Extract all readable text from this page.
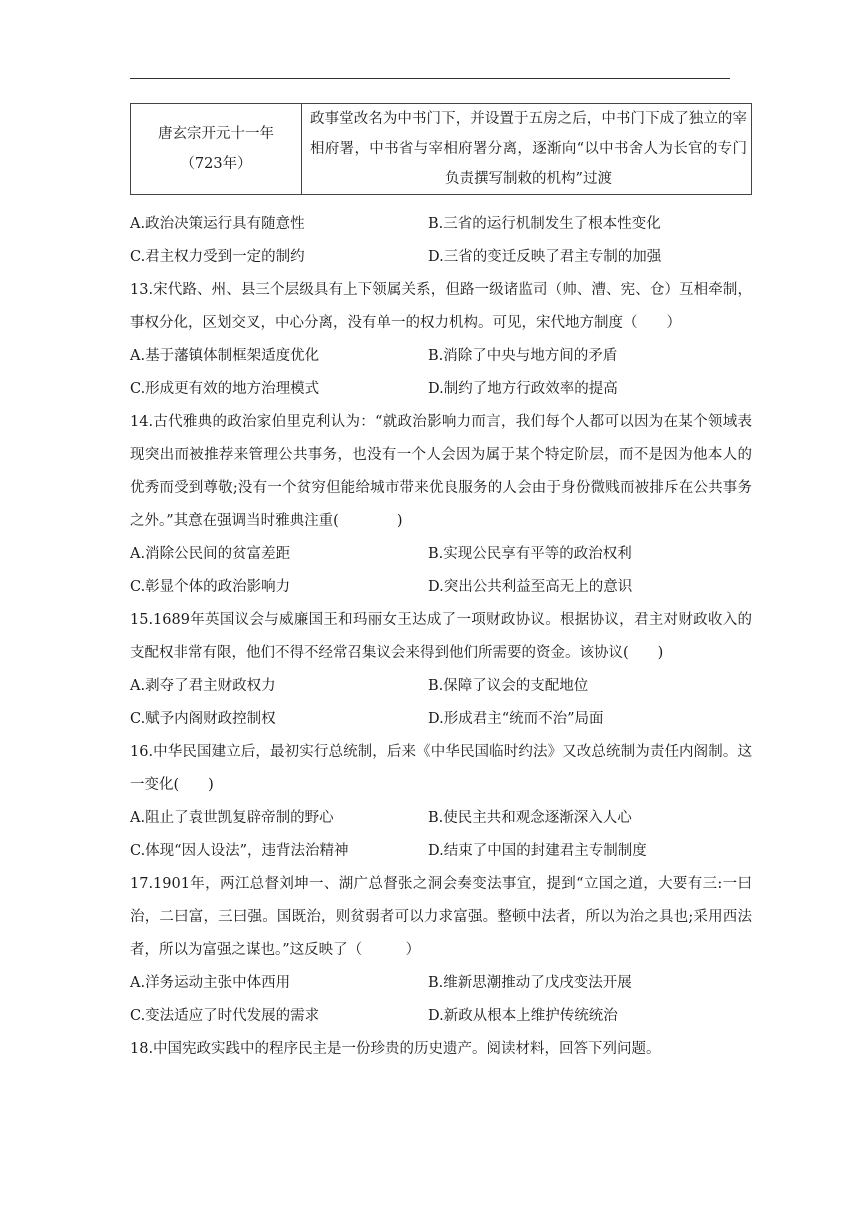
唐玄宗开元十一年（723年）	政事堂改名为中书门下，并设置于五房之后，中书门下成了独立的宰相府署，中书省与宰相府署分离，逐渐向“以中书舍人为长官的专门负责撰写制敕的机构”过渡
A.政治决策运行具有随意性	B.三省的运行机制发生了根本性变化
C.君主权力受到一定的制约	D.三省的变迁反映了君主专制的加强
13.宋代路、州、县三个层级具有上下领属关系，但路一级诸监司（帅、漕、宪、仓）互相牵制，事权分化，区划交叉，中心分离，没有单一的权力机构。可见，宋代地方制度（　　）
A.基于藩镇体制框架适度优化	B.消除了中央与地方间的矛盾
C.形成更有效的地方治理模式	D.制约了地方行政效率的提高
14.古代雅典的政治家伯里克利认为：“就政治影响力而言，我们每个人都可以因为在某个领域表现突出而被推荐来管理公共事务，也没有一个人会因为属于某个特定阶层，而不是因为他本人的优秀而受到尊敬;没有一个贫穷但能给城市带来优良服务的人会由于身份微贱而被排斥在公共事务之外。”其意在强调当时雅典注重(　　　　)
A.消除公民间的贫富差距	B.实现公民享有平等的政治权利
C.彰显个体的政治影响力	D.突出公共利益至高无上的意识
15.1689年英国议会与威廉国王和玛丽女王达成了一项财政协议。根据协议，君主对财政收入的支配权非常有限，他们不得不经常召集议会来得到他们所需要的资金。该协议(　　)
A.剥夺了君主财政权力	B.保障了议会的支配地位
C.赋予内阁财政控制权	D.形成君主“统而不治”局面
16.中华民国建立后，最初实行总统制，后来《中华民国临时约法》又改总统制为责任内阁制。这一变化(　　)
A.阻止了袁世凯复辟帝制的野心	B.使民主共和观念逐渐深入人心
C.体现“因人设法”，违背法治精神	D.结束了中国的封建君主专制制度
17.1901年，两江总督刘坤一、湖广总督张之洞会奏变法事宜，提到“立国之道，大要有三:一曰治，二曰富，三曰强。国既治，则贫弱者可以力求富强。整顿中法者，所以为治之具也;采用西法者，所以为富强之谋也。”这反映了（　　　）
A.洋务运动主张中体西用	B.维新思潮推动了戊戌变法开展
C.变法适应了时代发展的需求	D.新政从根本上维护传统统治
18.中国宪政实践中的程序民主是一份珍贵的历史遗产。阅读材料，回答下列问题。
